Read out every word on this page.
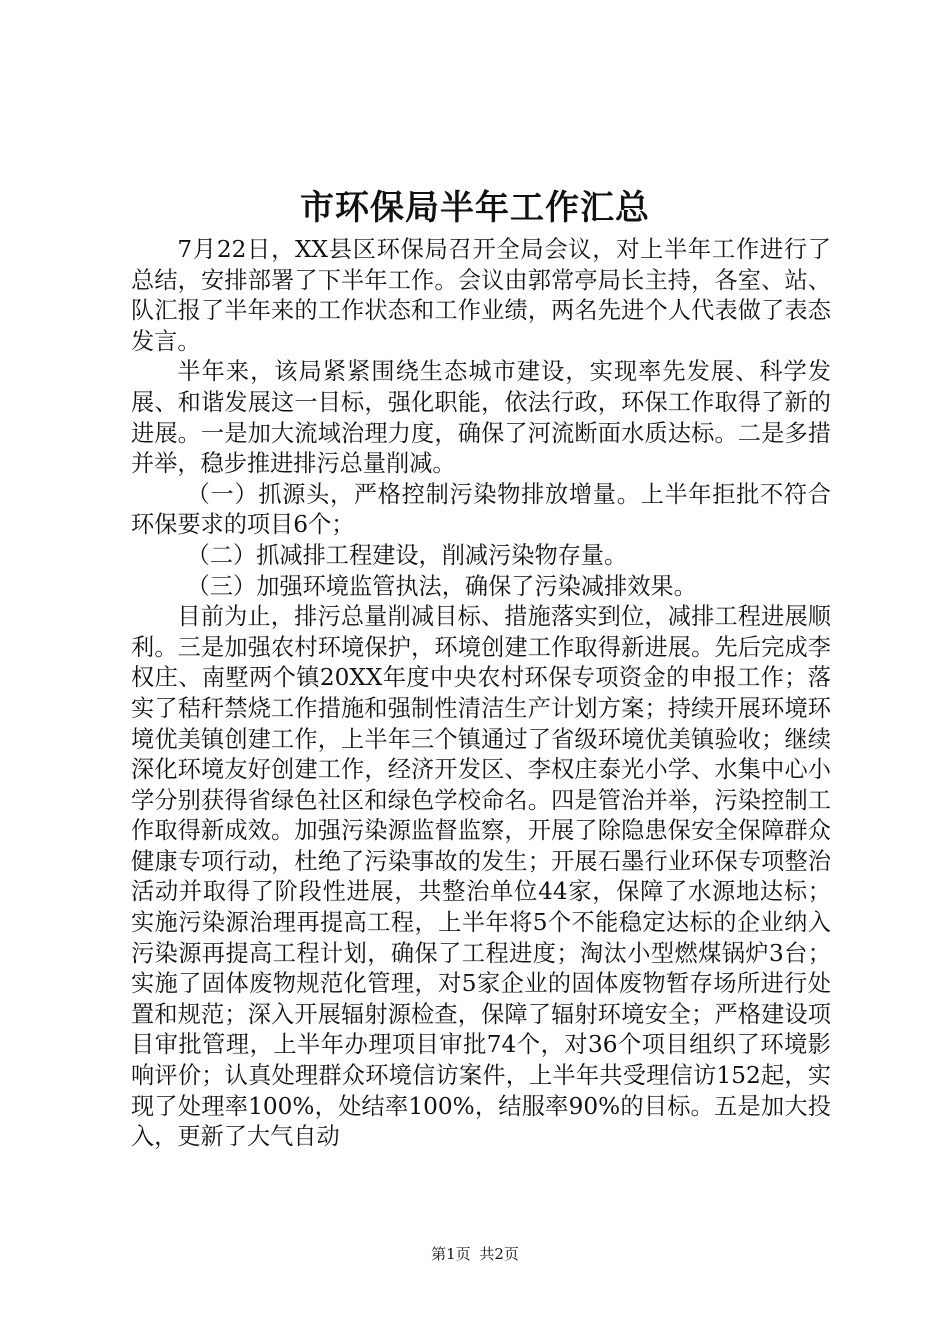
市环保局半年工作汇总

7月22日，XX县区环保局召开全局会议，对上半年工作进行了总结，安排部署了下半年工作。会议由郭常亭局长主持，各室、站、队汇报了半年来的工作状态和工作业绩，两名先进个人代表做了表态发言。

半年来，该局紧紧围绕生态城市建设，实现率先发展、科学发展、和谐发展这一目标，强化职能，依法行政，环保工作取得了新的进展。一是加大流域治理力度，确保了河流断面水质达标。二是多措并举，稳步推进排污总量削减。

（一）抓源头，严格控制污染物排放增量。上半年拒批不符合环保要求的项目6个；

（二）抓减排工程建设，削减污染物存量。

（三）加强环境监管执法，确保了污染减排效果。

目前为止，排污总量削减目标、措施落实到位，减排工程进展顺利。三是加强农村环境保护，环境创建工作取得新进展。先后完成李权庄、南墅两个镇20XX年度中央农村环保专项资金的申报工作；落实了秸秆禁烧工作措施和强制性清洁生产计划方案；持续开展环境环境优美镇创建工作，上半年三个镇通过了省级环境优美镇验收；继续深化环境友好创建工作，经济开发区、李权庄泰光小学、水集中心小学分别获得省绿色社区和绿色学校命名。四是管治并举，污染控制工作取得新成效。加强污染源监督监察，开展了除隐患保安全保障群众健康专项行动，杜绝了污染事故的发生；开展石墨行业环保专项整治活动并取得了阶段性进展，共整治单位44家，保障了水源地达标；实施污染源治理再提高工程，上半年将5个不能稳定达标的企业纳入污染源再提高工程计划，确保了工程进度；淘汰小型燃煤锅炉3台；实施了固体废物规范化管理，对5家企业的固体废物暂存场所进行处置和规范；深入开展辐射源检查，保障了辐射环境安全；严格建设项目审批管理，上半年办理项目审批74个，对36个项目组织了环境影响评价；认真处理群众环境信访案件，上半年共受理信访152起，实现了处理率100%，处结率100%，结服率90%的目标。五是加大投入，更新了大气自动

第1页 共2页
